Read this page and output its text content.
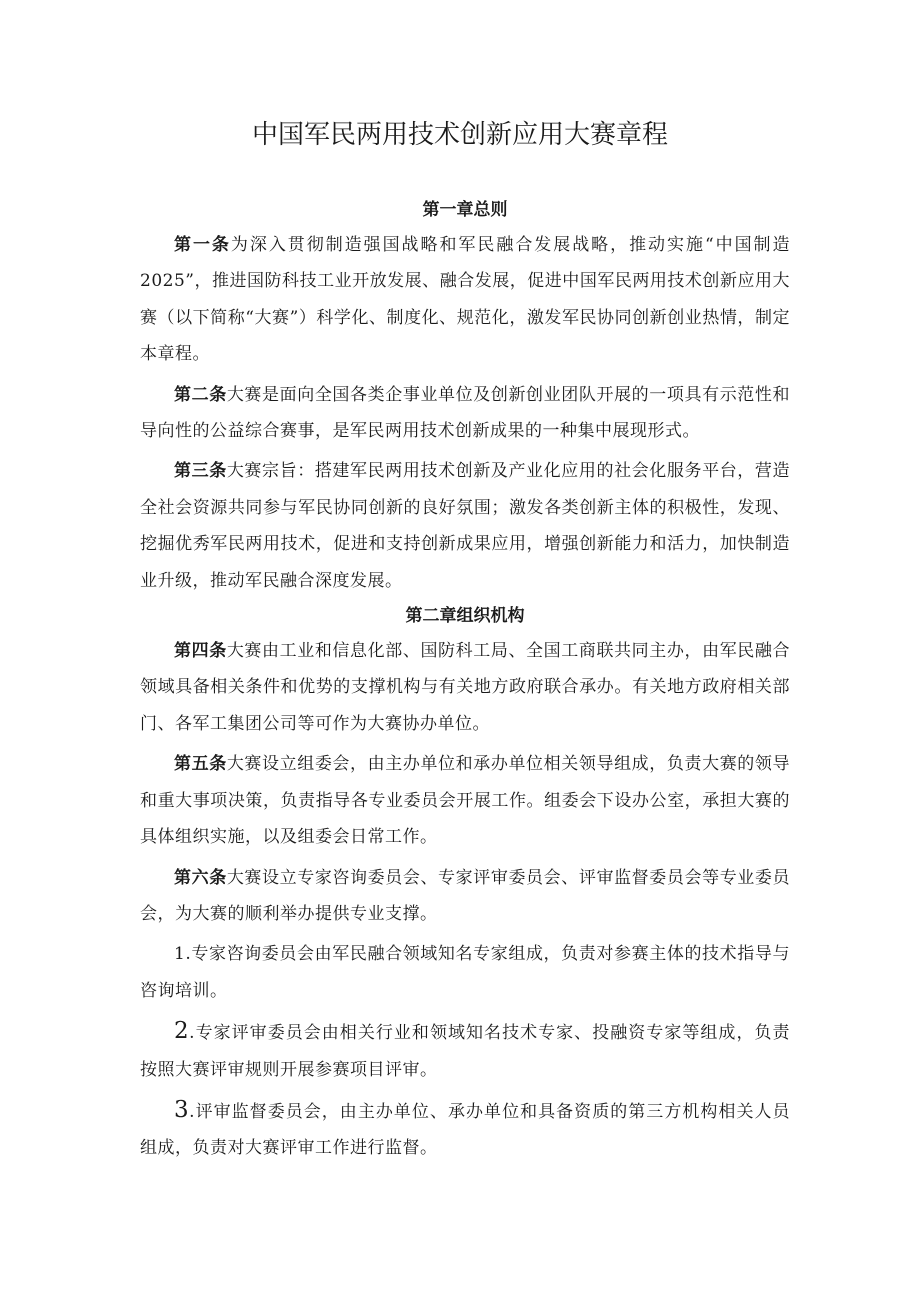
中国军民两用技术创新应用大赛章程
第一章总则

第一条为深入贯彻制造强国战略和军民融合发展战略，推动实施“中国制造2025”，推进国防科技工业开放发展、融合发展，促进中国军民两用技术创新应用大赛（以下简称“大赛”）科学化、制度化、规范化，激发军民协同创新创业热情，制定本章程。

第二条大赛是面向全国各类企事业单位及创新创业团队开展的一项具有示范性和导向性的公益综合赛事，是军民两用技术创新成果的一种集中展现形式。

第三条大赛宗旨：搭建军民两用技术创新及产业化应用的社会化服务平台，营造全社会资源共同参与军民协同创新的良好氛围；激发各类创新主体的积极性，发现、挖掘优秀军民两用技术，促进和支持创新成果应用，增强创新能力和活力，加快制造业升级，推动军民融合深度发展。

第二章组织机构

第四条大赛由工业和信息化部、国防科工局、全国工商联共同主办，由军民融合领域具备相关条件和优势的支撑机构与有关地方政府联合承办。有关地方政府相关部门、各军工集团公司等可作为大赛协办单位。

第五条大赛设立组委会，由主办单位和承办单位相关领导组成，负责大赛的领导和重大事项决策，负责指导各专业委员会开展工作。组委会下设办公室，承担大赛的具体组织实施，以及组委会日常工作。

第六条大赛设立专家咨询委员会、专家评审委员会、评审监督委员会等专业委员会，为大赛的顺利举办提供专业支撑。

1.专家咨询委员会由军民融合领域知名专家组成，负责对参赛主体的技术指导与咨询培训。

2.专家评审委员会由相关行业和领域知名技术专家、投融资专家等组成，负责按照大赛评审规则开展参赛项目评审。

3.评审监督委员会，由主办单位、承办单位和具备资质的第三方机构相关人员组成，负责对大赛评审工作进行监督。
